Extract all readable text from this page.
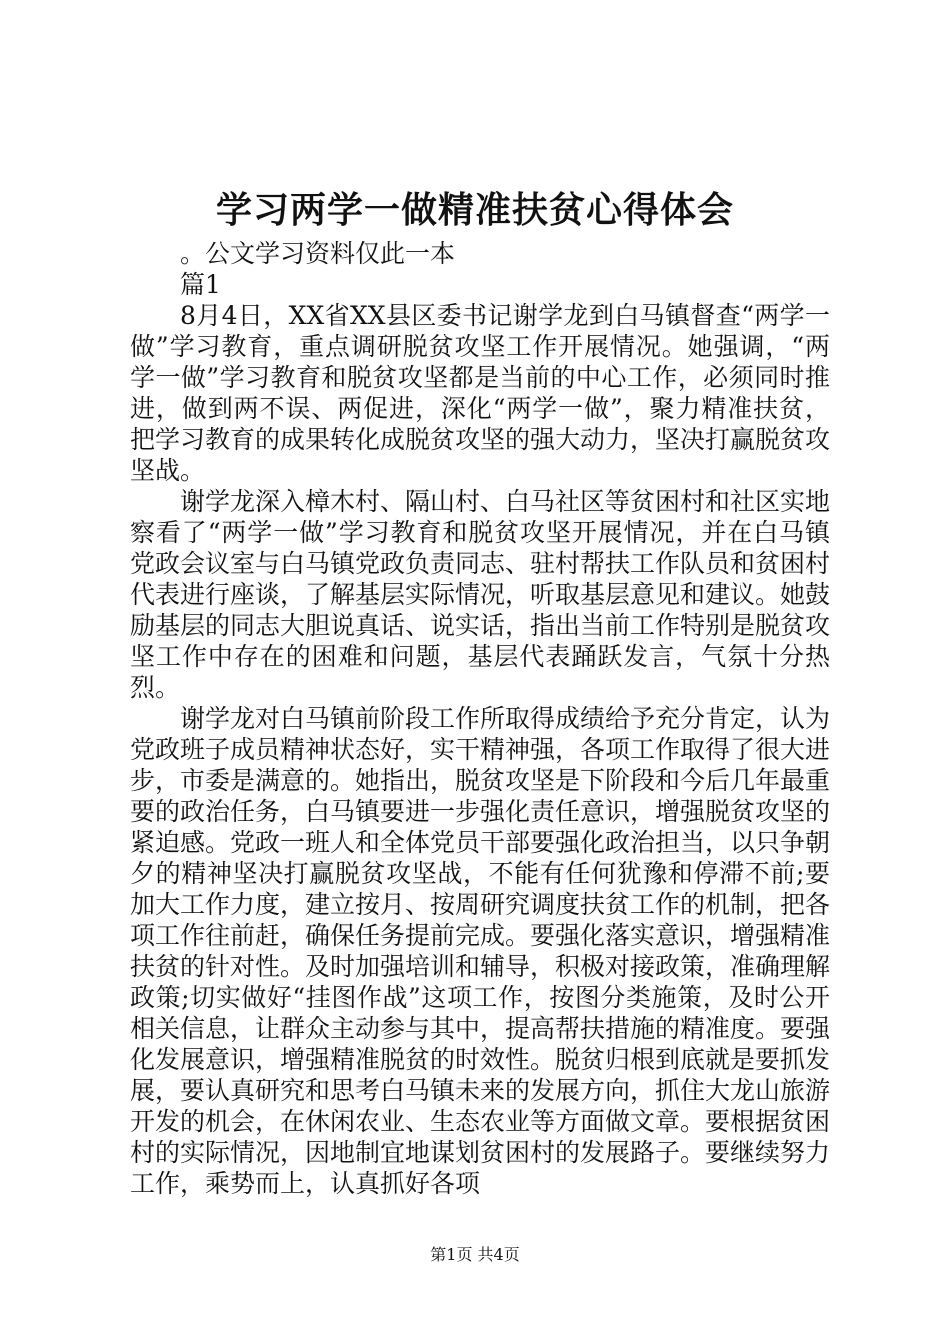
学习两学一做精准扶贫心得体会

。公文学习资料仅此一本

篇1

8月4日，XX省XX县区委书记谢学龙到白马镇督查“两学一做”学习教育，重点调研脱贫攻坚工作开展情况。她强调，“两学一做”学习教育和脱贫攻坚都是当前的中心工作，必须同时推进，做到两不误、两促进，深化“两学一做”，聚力精准扶贫，把学习教育的成果转化成脱贫攻坚的强大动力，坚决打赢脱贫攻坚战。

谢学龙深入樟木村、隔山村、白马社区等贫困村和社区实地察看了“两学一做”学习教育和脱贫攻坚开展情况，并在白马镇党政会议室与白马镇党政负责同志、驻村帮扶工作队员和贫困村代表进行座谈，了解基层实际情况，听取基层意见和建议。她鼓励基层的同志大胆说真话、说实话，指出当前工作特别是脱贫攻坚工作中存在的困难和问题，基层代表踊跃发言，气氛十分热烈。

谢学龙对白马镇前阶段工作所取得成绩给予充分肯定，认为党政班子成员精神状态好，实干精神强，各项工作取得了很大进步，市委是满意的。她指出，脱贫攻坚是下阶段和今后几年最重要的政治任务，白马镇要进一步强化责任意识，增强脱贫攻坚的紧迫感。党政一班人和全体党员干部要强化政治担当，以只争朝夕的精神坚决打赢脱贫攻坚战，不能有任何犹豫和停滞不前;要加大工作力度，建立按月、按周研究调度扶贫工作的机制，把各项工作往前赶，确保任务提前完成。要强化落实意识，增强精准扶贫的针对性。及时加强培训和辅导，积极对接政策，准确理解政策;切实做好“挂图作战”这项工作，按图分类施策，及时公开相关信息，让群众主动参与其中，提高帮扶措施的精准度。要强化发展意识，增强精准脱贫的时效性。脱贫归根到底就是要抓发展，要认真研究和思考白马镇未来的发展方向，抓住大龙山旅游开发的机会，在休闲农业、生态农业等方面做文章。要根据贫困村的实际情况，因地制宜地谋划贫困村的发展路子。要继续努力工作，乘势而上，认真抓好各项

第1页 共4页
